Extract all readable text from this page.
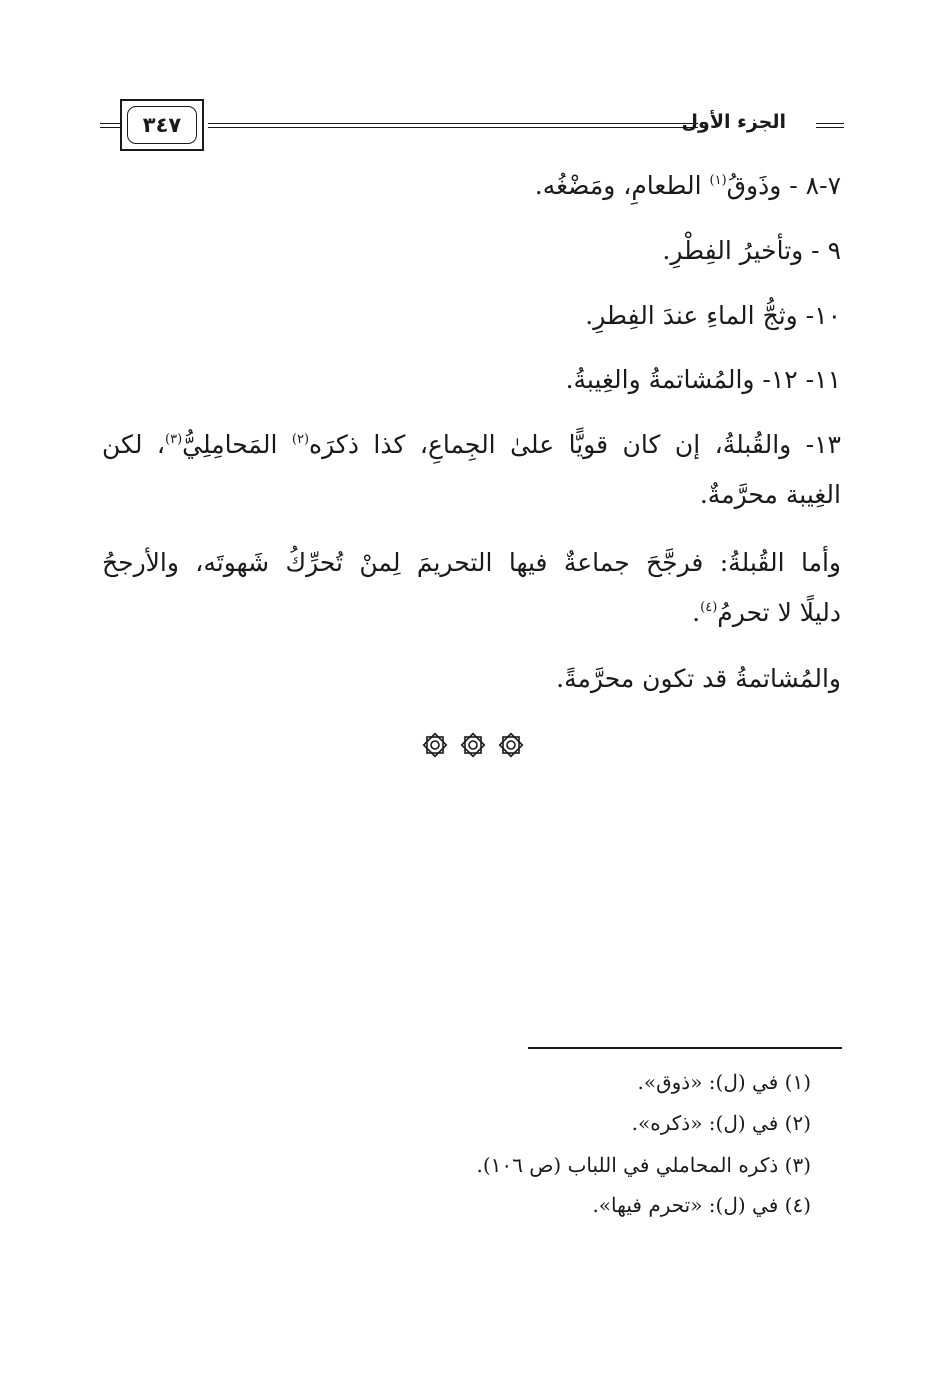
الجزء الأول
٣٤٧
٧-٨ - وذَوقُ$^{(١)}$ الطعامِ، ومَضْغُه.
٩ - وتأخيرُ الفِطْرِ.
١٠- وثجُّ الماءِ عندَ الفِطرِ.
١١- ١٢- والمُشاتمةُ والغِيبةُ.
١٣- والقُبلةُ، إن كان قويًّا علىٰ الجِماعِ، كذا ذكرَه$^{(٢)}$ المَحامِلِيُّ$^{(٣)}$، لكن
الغِيبة محرَّمةٌ.
وأما القُبلةُ: فرجَّحَ جماعةٌ فيها التحريمَ لِمنْ تُحرِّكُ شَهوتَه، والأرجحُ
دليلًا لا تحرمُ$^{(٤)}$.
والمُشاتمةُ قد تكون محرَّمةً.
(١) في (ل): «ذوق».
(٢) في (ل): «ذكره».
(٣) ذكره المحاملي في اللباب (ص ١٠٦).
(٤) في (ل): «تحرم فيها».
